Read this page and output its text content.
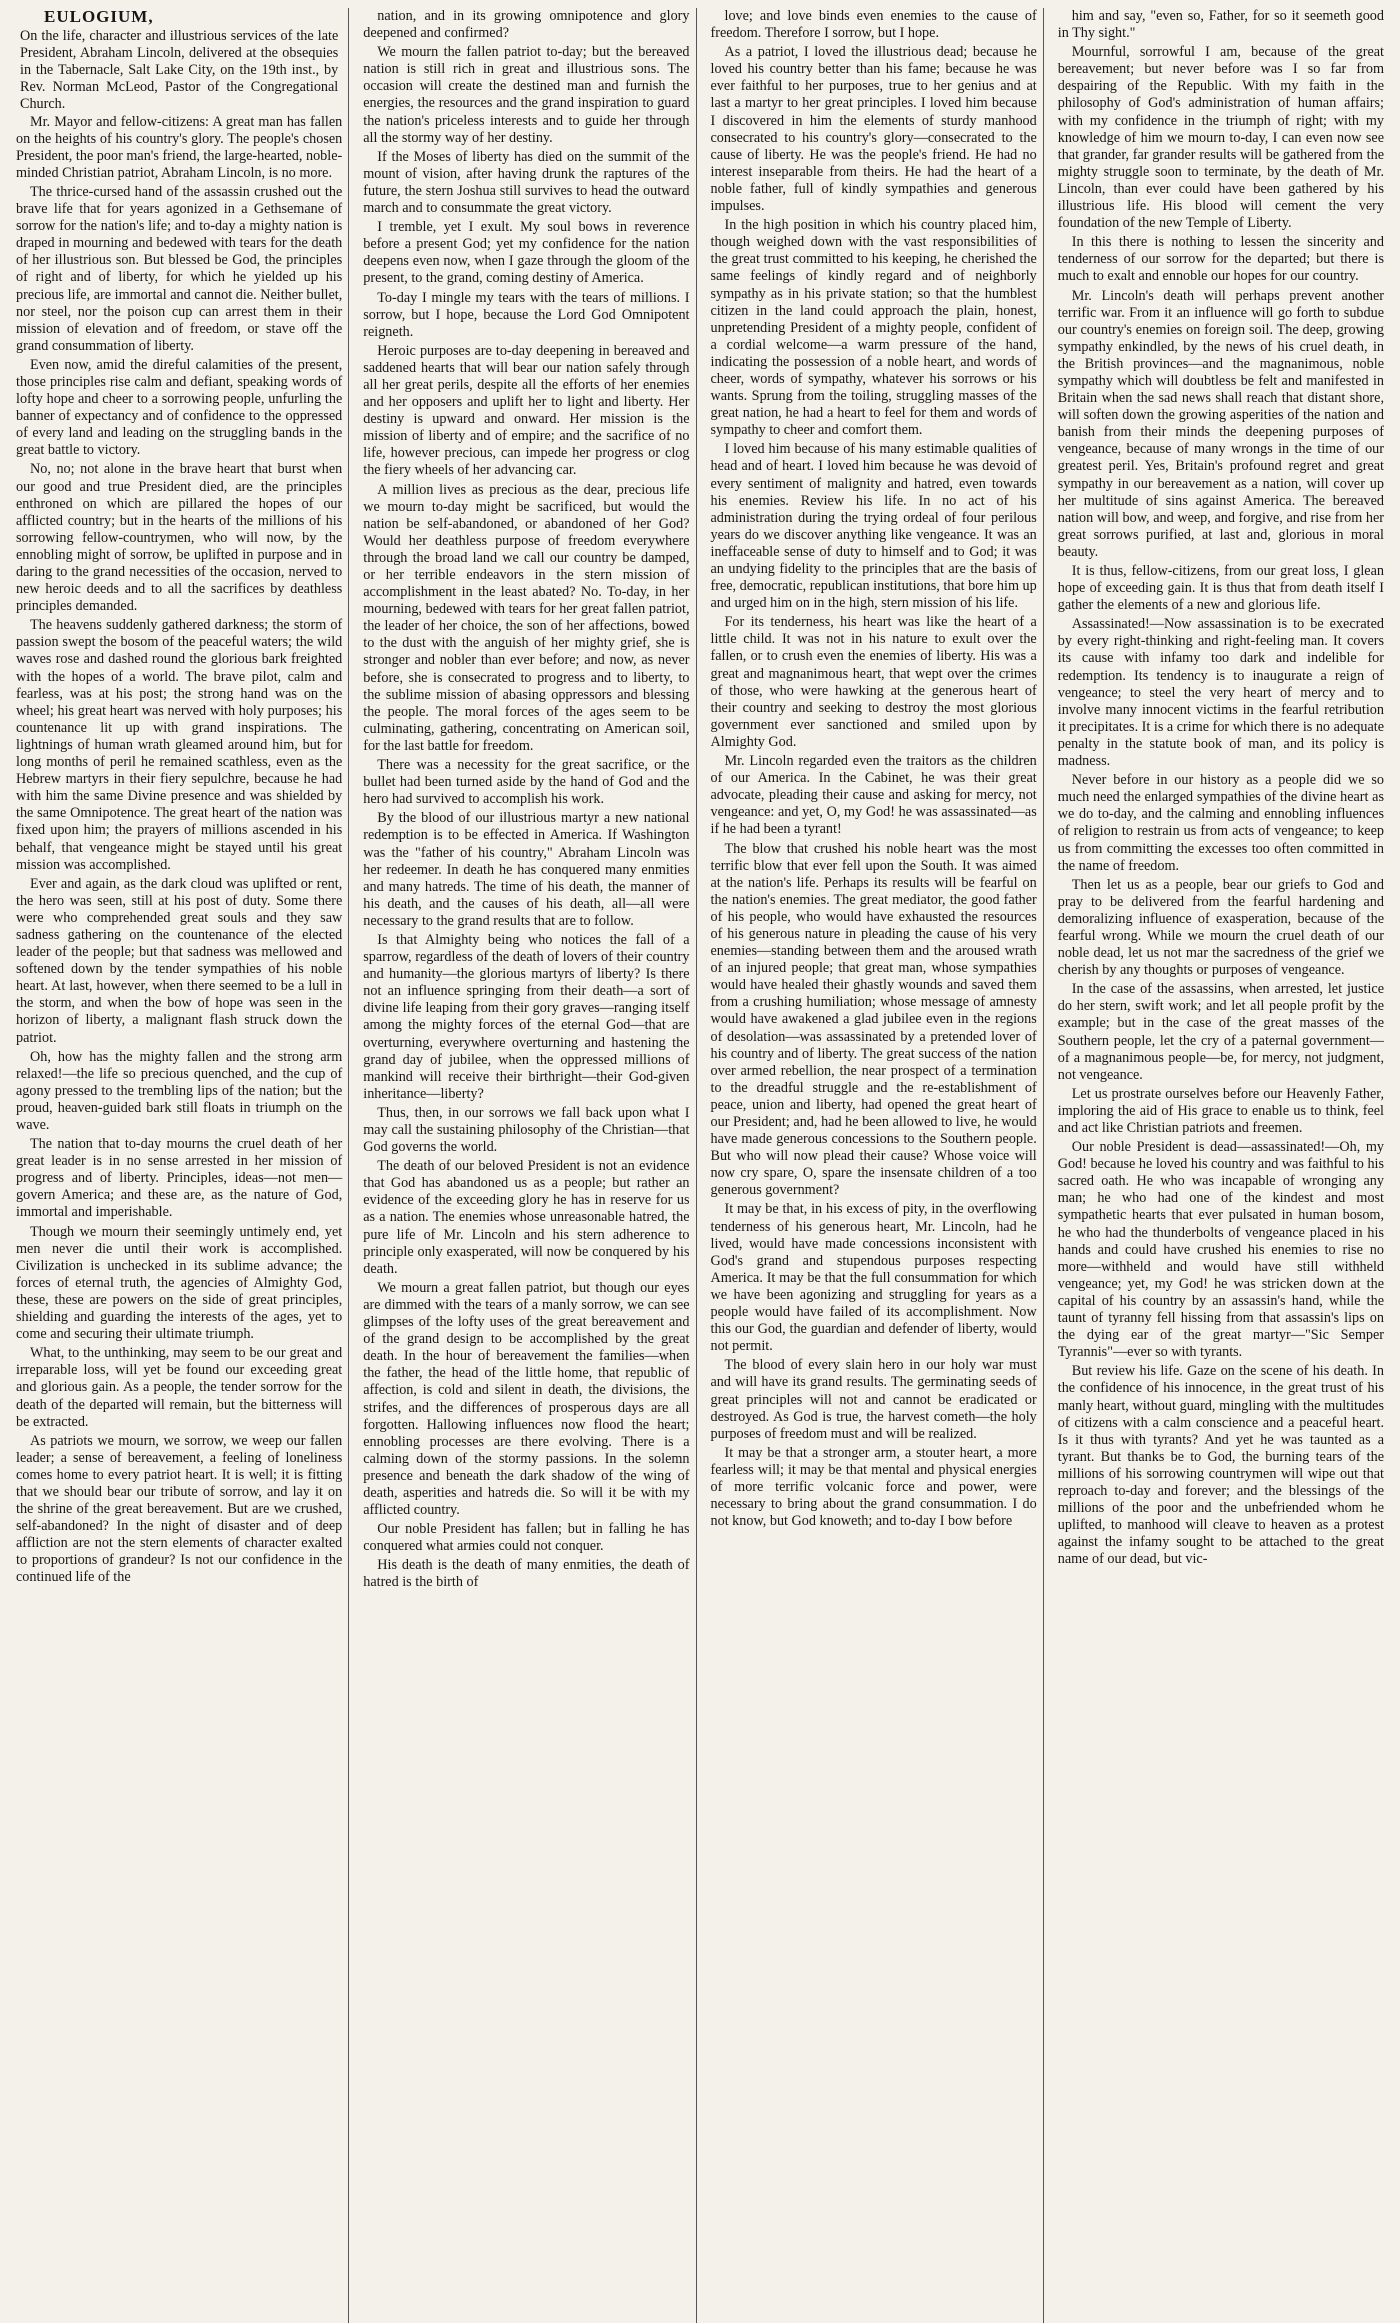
EULOGIUM,

On the life, character and illustrious services of the late President, Abraham Lincoln, delivered at the obsequies in the Tabernacle, Salt Lake City, on the 19th inst., by Rev. Norman McLeod, Pastor of the Congregational Church.

Mr. Mayor and fellow-citizens: A great man has fallen on the heights of his country's glory. The people's chosen President, the poor man's friend, the large-hearted, noble-minded Christian patriot, Abraham Lincoln, is no more.

The thrice-cursed hand of the assassin crushed out the brave life that for years agonized in a Gethsemane of sorrow for the nation's life; and to-day a mighty nation is draped in mourning and bedewed with tears for the death of her illustrious son. But blessed be God, the principles of right and of liberty, for which he yielded up his precious life, are immortal and cannot die. Neither bullet, nor steel, nor the poison cup can arrest them in their mission of elevation and of freedom, or stave off the grand consummation of liberty.

Even now, amid the direful calamities of the present, those principles rise calm and defiant, speaking words of lofty hope and cheer to a sorrowing people, unfurling the banner of expectancy and of confidence to the oppressed of every land and leading on the struggling bands in the great battle to victory.

No, no; not alone in the brave heart that burst when our good and true President died, are the principles enthroned on which are pillared the hopes of our afflicted country; but in the hearts of the millions of his sorrowing fellow-countrymen, who will now, by the ennobling might of sorrow, be uplifted in purpose and in daring to the grand necessities of the occasion, nerved to new heroic deeds and to all the sacrifices by deathless principles demanded.

The heavens suddenly gathered darkness; the storm of passion swept the bosom of the peaceful waters; the wild waves rose and dashed round the glorious bark freighted with the hopes of a world. The brave pilot, calm and fearless, was at his post; the strong hand was on the wheel; his great heart was nerved with holy purposes; his countenance lit up with grand inspirations. The lightnings of human wrath gleamed around him, but for long months of peril he remained scathless, even as the Hebrew martyrs in their fiery sepulchre, because he had with him the same Divine presence and was shielded by the same Omnipotence. The great heart of the nation was fixed upon him; the prayers of millions ascended in his behalf, that vengeance might be stayed until his great mission was accomplished.

Ever and again, as the dark cloud was uplifted or rent, the hero was seen, still at his post of duty. Some there were who comprehended great souls and they saw sadness gathering on the countenance of the elected leader of the people; but that sadness was mellowed and softened down by the tender sympathies of his noble heart. At last, however, when there seemed to be a lull in the storm, and when the bow of hope was seen in the horizon of liberty, a malignant flash struck down the patriot.

Oh, how has the mighty fallen and the strong arm relaxed!—the life so precious quenched, and the cup of agony pressed to the trembling lips of the nation; but the proud, heaven-guided bark still floats in triumph on the wave.

The nation that to-day mourns the cruel death of her great leader is in no sense arrested in her mission of progress and of liberty. Principles, ideas—not men—govern America; and these are, as the nature of God, immortal and imperishable.

Though we mourn their seemingly untimely end, yet men never die until their work is accomplished. Civilization is unchecked in its sublime advance; the forces of eternal truth, the agencies of Almighty God, these, these are powers on the side of great principles, shielding and guarding the interests of the ages, yet to come and securing their ultimate triumph.

What, to the unthinking, may seem to be our great and irreparable loss, will yet be found our exceeding great and glorious gain. As a people, the tender sorrow for the death of the departed will remain, but the bitterness will be extracted.

As patriots we mourn, we sorrow, we weep our fallen leader; a sense of bereavement, a feeling of loneliness comes home to every patriot heart. It is well; it is fitting that we should bear our tribute of sorrow, and lay it on the shrine of the great bereavement. But are we crushed, self-abandoned? In the night of disaster and of deep affliction are not the stern elements of character exalted to proportions of grandeur? Is not our confidence in the continued life of the

nation, and in its growing omnipotence and glory deepened and confirmed?

We mourn the fallen patriot to-day; but the bereaved nation is still rich in great and illustrious sons. The occasion will create the destined man and furnish the energies, the resources and the grand inspiration to guard the nation's priceless interests and to guide her through all the stormy way of her destiny.

If the Moses of liberty has died on the summit of the mount of vision, after having drunk the raptures of the future, the stern Joshua still survives to head the outward march and to consummate the great victory.

I tremble, yet I exult. My soul bows in reverence before a present God; yet my confidence for the nation deepens even now, when I gaze through the gloom of the present, to the grand, coming destiny of America.

To-day I mingle my tears with the tears of millions. I sorrow, but I hope, because the Lord God Omnipotent reigneth.

Heroic purposes are to-day deepening in bereaved and saddened hearts that will bear our nation safely through all her great perils, despite all the efforts of her enemies and her opposers and uplift her to light and liberty. Her destiny is upward and onward. Her mission is the mission of liberty and of empire; and the sacrifice of no life, however precious, can impede her progress or clog the fiery wheels of her advancing car.

A million lives as precious as the dear, precious life we mourn to-day might be sacrificed, but would the nation be self-abandoned, or abandoned of her God? Would her deathless purpose of freedom everywhere through the broad land we call our country be damped, or her terrible endeavors in the stern mission of accomplishment in the least abated? No. To-day, in her mourning, bedewed with tears for her great fallen patriot, the leader of her choice, the son of her affections, bowed to the dust with the anguish of her mighty grief, she is stronger and nobler than ever before; and now, as never before, she is consecrated to progress and to liberty, to the sublime mission of abasing oppressors and blessing the people. The moral forces of the ages seem to be culminating, gathering, concentrating on American soil, for the last battle for freedom.

There was a necessity for the great sacrifice, or the bullet had been turned aside by the hand of God and the hero had survived to accomplish his work.

By the blood of our illustrious martyr a new national redemption is to be effected in America. If Washington was the "father of his country," Abraham Lincoln was her redeemer. In death he has conquered many enmities and many hatreds. The time of his death, the manner of his death, and the causes of his death, all—all were necessary to the grand results that are to follow.

Is that Almighty being who notices the fall of a sparrow, regardless of the death of lovers of their country and humanity—the glorious martyrs of liberty? Is there not an influence springing from their death—a sort of divine life leaping from their gory graves—ranging itself among the mighty forces of the eternal God—that are overturning, everywhere overturning and hastening the grand day of jubilee, when the oppressed millions of mankind will receive their birthright—their God-given inheritance—liberty?

Thus, then, in our sorrows we fall back upon what I may call the sustaining philosophy of the Christian—that God governs the world.

The death of our beloved President is not an evidence that God has abandoned us as a people; but rather an evidence of the exceeding glory he has in reserve for us as a nation. The enemies whose unreasonable hatred, the pure life of Mr. Lincoln and his stern adherence to principle only exasperated, will now be conquered by his death.

We mourn a great fallen patriot, but though our eyes are dimmed with the tears of a manly sorrow, we can see glimpses of the lofty uses of the great bereavement and of the grand design to be accomplished by the great death. In the hour of bereavement the families—when the father, the head of the little home, that republic of affection, is cold and silent in death, the divisions, the strifes, and the differences of prosperous days are all forgotten. Hallowing influences now flood the heart; ennobling processes are there evolving. There is a calming down of the stormy passions. In the solemn presence and beneath the dark shadow of the wing of death, asperities and hatreds die. So will it be with my afflicted country.

Our noble President has fallen; but in falling he has conquered what armies could not conquer.

His death is the death of many enmities, the death of hatred is the birth of

love; and love binds even enemies to the cause of freedom. Therefore I sorrow, but I hope.

As a patriot, I loved the illustrious dead; because he loved his country better than his fame; because he was ever faithful to her purposes, true to her genius and at last a martyr to her great principles. I loved him because I discovered in him the elements of sturdy manhood consecrated to his country's glory—consecrated to the cause of liberty. He was the people's friend. He had no interest inseparable from theirs. He had the heart of a noble father, full of kindly sympathies and generous impulses.

In the high position in which his country placed him, though weighed down with the vast responsibilities of the great trust committed to his keeping, he cherished the same feelings of kindly regard and of neighborly sympathy as in his private station; so that the humblest citizen in the land could approach the plain, honest, unpretending President of a mighty people, confident of a cordial welcome—a warm pressure of the hand, indicating the possession of a noble heart, and words of cheer, words of sympathy, whatever his sorrows or his wants. Sprung from the toiling, struggling masses of the great nation, he had a heart to feel for them and words of sympathy to cheer and comfort them.

I loved him because of his many estimable qualities of head and of heart. I loved him because he was devoid of every sentiment of malignity and hatred, even towards his enemies. Review his life. In no act of his administration during the trying ordeal of four perilous years do we discover anything like vengeance. It was an ineffaceable sense of duty to himself and to God; it was an undying fidelity to the principles that are the basis of free, democratic, republican institutions, that bore him up and urged him on in the high, stern mission of his life.

For its tenderness, his heart was like the heart of a little child. It was not in his nature to exult over the fallen, or to crush even the enemies of liberty. His was a great and magnanimous heart, that wept over the crimes of those, who were hawking at the generous heart of their country and seeking to destroy the most glorious government ever sanctioned and smiled upon by Almighty God.

Mr. Lincoln regarded even the traitors as the children of our America. In the Cabinet, he was their great advocate, pleading their cause and asking for mercy, not vengeance: and yet, O, my God! he was assassinated—as if he had been a tyrant!

The blow that crushed his noble heart was the most terrific blow that ever fell upon the South. It was aimed at the nation's life. Perhaps its results will be fearful on the nation's enemies. The great mediator, the good father of his people, who would have exhausted the resources of his generous nature in pleading the cause of his very enemies—standing between them and the aroused wrath of an injured people; that great man, whose sympathies would have healed their ghastly wounds and saved them from a crushing humiliation; whose message of amnesty would have awakened a glad jubilee even in the regions of desolation—was assassinated by a pretended lover of his country and of liberty. The great success of the nation over armed rebellion, the near prospect of a termination to the dreadful struggle and the re-establishment of peace, union and liberty, had opened the great heart of our President; and, had he been allowed to live, he would have made generous concessions to the Southern people. But who will now plead their cause? Whose voice will now cry spare, O, spare the insensate children of a too generous government?

It may be that, in his excess of pity, in the overflowing tenderness of his generous heart, Mr. Lincoln, had he lived, would have made concessions inconsistent with God's grand and stupendous purposes respecting America. It may be that the full consummation for which we have been agonizing and struggling for years as a people would have failed of its accomplishment. Now this our God, the guardian and defender of liberty, would not permit.

The blood of every slain hero in our holy war must and will have its grand results. The germinating seeds of great principles will not and cannot be eradicated or destroyed. As God is true, the harvest cometh—the holy purposes of freedom must and will be realized.

It may be that a stronger arm, a stouter heart, a more fearless will; it may be that mental and physical energies of more terrific volcanic force and power, were necessary to bring about the grand consummation. I do not know, but God knoweth; and to-day I bow before

him and say, "even so, Father, for so it seemeth good in Thy sight."

Mournful, sorrowful I am, because of the great bereavement; but never before was I so far from despairing of the Republic. With my faith in the philosophy of God's administration of human affairs; with my confidence in the triumph of right; with my knowledge of him we mourn to-day, I can even now see that grander, far grander results will be gathered from the mighty struggle soon to terminate, by the death of Mr. Lincoln, than ever could have been gathered by his illustrious life. His blood will cement the very foundation of the new Temple of Liberty.

In this there is nothing to lessen the sincerity and tenderness of our sorrow for the departed; but there is much to exalt and ennoble our hopes for our country.

Mr. Lincoln's death will perhaps prevent another terrific war. From it an influence will go forth to subdue our country's enemies on foreign soil. The deep, growing sympathy enkindled, by the news of his cruel death, in the British provinces—and the magnanimous, noble sympathy which will doubtless be felt and manifested in Britain when the sad news shall reach that distant shore, will soften down the growing asperities of the nation and banish from their minds the deepening purposes of vengeance, because of many wrongs in the time of our greatest peril. Yes, Britain's profound regret and great sympathy in our bereavement as a nation, will cover up her multitude of sins against America. The bereaved nation will bow, and weep, and forgive, and rise from her great sorrows purified, at last and, glorious in moral beauty.

It is thus, fellow-citizens, from our great loss, I glean hope of exceeding gain. It is thus that from death itself I gather the elements of a new and glorious life.

Assassinated!—Now assassination is to be execrated by every right-thinking and right-feeling man. It covers its cause with infamy too dark and indelible for redemption. Its tendency is to inaugurate a reign of vengeance; to steel the very heart of mercy and to involve many innocent victims in the fearful retribution it precipitates. It is a crime for which there is no adequate penalty in the statute book of man, and its policy is madness.

Never before in our history as a people did we so much need the enlarged sympathies of the divine heart as we do to-day, and the calming and ennobling influences of religion to restrain us from acts of vengeance; to keep us from committing the excesses too often committed in the name of freedom.

Then let us as a people, bear our griefs to God and pray to be delivered from the fearful hardening and demoralizing influence of exasperation, because of the fearful wrong. While we mourn the cruel death of our noble dead, let us not mar the sacredness of the grief we cherish by any thoughts or purposes of vengeance.

In the case of the assassins, when arrested, let justice do her stern, swift work; and let all people profit by the example; but in the case of the great masses of the Southern people, let the cry of a paternal government—of a magnanimous people—be, for mercy, not judgment, not vengeance.

Let us prostrate ourselves before our Heavenly Father, imploring the aid of His grace to enable us to think, feel and act like Christian patriots and freemen.

Our noble President is dead—assassinated!—Oh, my God! because he loved his country and was faithful to his sacred oath. He who was incapable of wronging any man; he who had one of the kindest and most sympathetic hearts that ever pulsated in human bosom, he who had the thunderbolts of vengeance placed in his hands and could have crushed his enemies to rise no more—withheld and would have still withheld vengeance; yet, my God! he was stricken down at the capital of his country by an assassin's hand, while the taunt of tyranny fell hissing from that assassin's lips on the dying ear of the great martyr—"Sic Semper Tyrannis"—ever so with tyrants.

But review his life. Gaze on the scene of his death. In the confidence of his innocence, in the great trust of his manly heart, without guard, mingling with the multitudes of citizens with a calm conscience and a peaceful heart. Is it thus with tyrants? And yet he was taunted as a tyrant. But thanks be to God, the burning tears of the millions of his sorrowing countrymen will wipe out that reproach to-day and forever; and the blessings of the millions of the poor and the unbefriended whom he uplifted, to manhood will cleave to heaven as a protest against the infamy sought to be attached to the great name of our dead, but vic-
